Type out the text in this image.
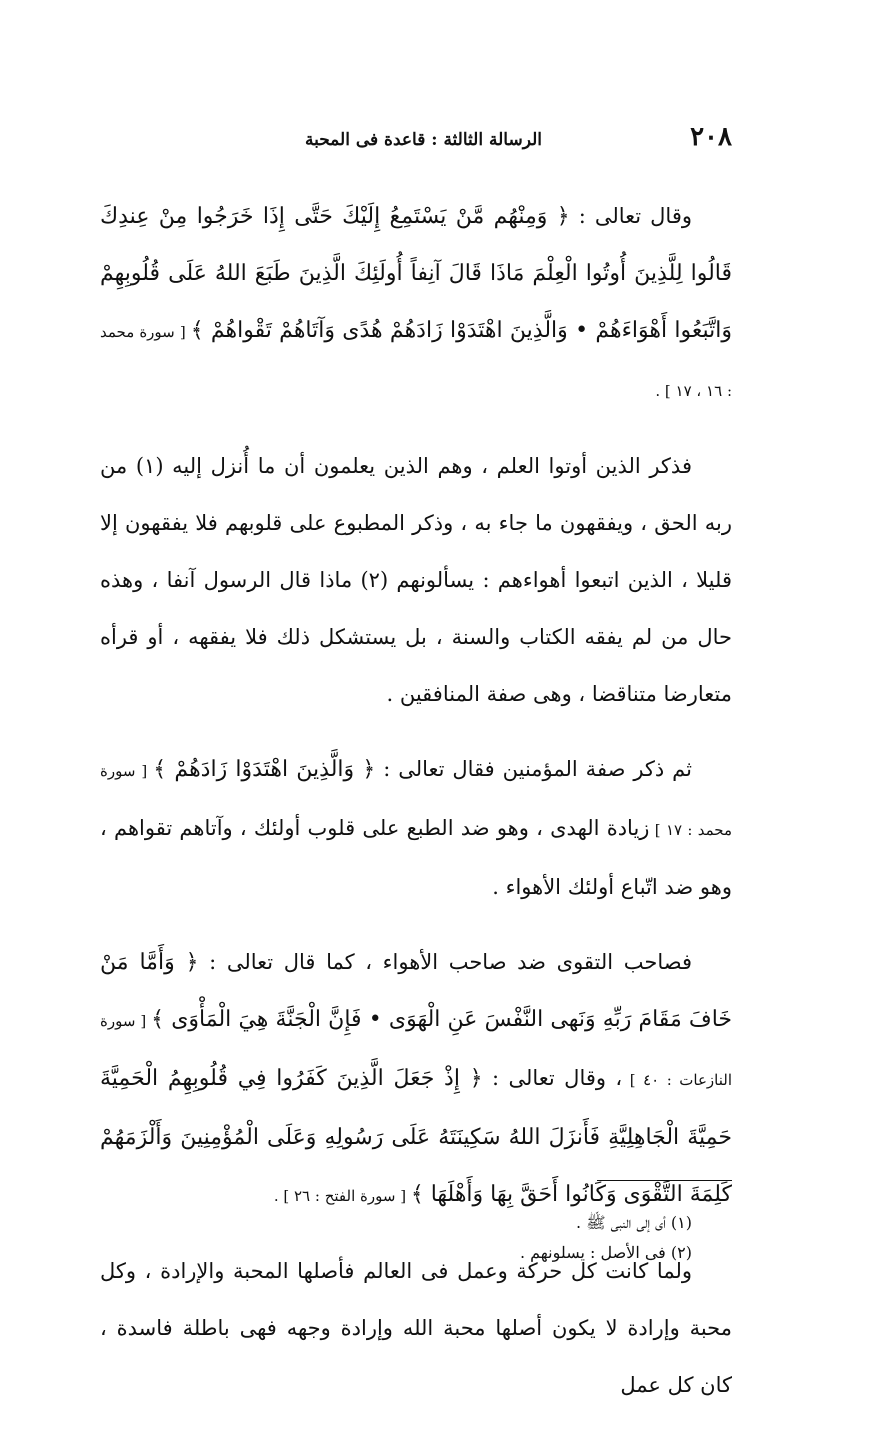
٢٠٨
الرسالة الثالثة : قاعدة فى المحبة

وقال تعالى : ﴿ وَمِنْهُم مَّنْ يَسْتَمِعُ إِلَيْكَ حَتَّى إِذَا خَرَجُوا مِنْ عِندِكَ قَالُوا لِلَّذِينَ أُوتُوا الْعِلْمَ مَاذَا قَالَ آنِفاً أُولَئِكَ الَّذِينَ طَبَعَ اللهُ عَلَى قُلُوبِهِمْ وَاتَّبَعُوا أَهْوَاءَهُمْ • وَالَّذِينَ اهْتَدَوْا زَادَهُمْ هُدًى وَآتَاهُمْ تَقْواهُمْ ﴾ [ سورة محمد : ١٦ ، ١٧ ] .

فذكر الذين أوتوا العلم ، وهم الذين يعلمون أن ما أُنزل إليه (١) من ربه الحق ، ويفقهون ما جاء به ، وذكر المطبوع على قلوبهم فلا يفقهون إلا قليلا ، الذين اتبعوا أهواءهم : يسألونهم (٢) ماذا قال الرسول آنفا ، وهذه حال من لم يفقه الكتاب والسنة ، بل يستشكل ذلك فلا يفقهه ، أو قرأه متعارضا متناقضا ، وهى صفة المنافقين .

ثم ذكر صفة المؤمنين فقال تعالى : ﴿ وَالَّذِينَ اهْتَدَوْا زَادَهُمْ ﴾ [ سورة محمد : ١٧ ] زيادة الهدى ، وهو ضد الطبع على قلوب أولئك ، وآتاهم تقواهم ، وهو ضد اتّباع أولئك الأهواء .

فصاحب التقوى ضد صاحب الأهواء ، كما قال تعالى : ﴿ وَأَمَّا مَنْ خَافَ مَقَامَ رَبِّهِ وَنَهى النَّفْسَ عَنِ الْهَوَى • فَإِنَّ الْجَنَّةَ هِيَ الْمَأْوَى ﴾ [ سورة النازعات : ٤٠ ] ، وقال تعالى : ﴿ إِذْ جَعَلَ الَّذِينَ كَفَرُوا فِي قُلُوبِهِمُ الْحَمِيَّةَ حَمِيَّةَ الْجَاهِلِيَّةِ فَأَنزَلَ اللهُ سَكِينَتَهُ عَلَى رَسُولِهِ وَعَلَى الْمُؤْمِنِينَ وَأَلْزَمَهُمْ كَلِمَةَ التَّقْوَى وَكَانُوا أَحَقَّ بِهَا وَأَهْلَهَا ﴾ [ سورة الفتح : ٢٦ ] .

ولما كانت كل حركة وعمل فى العالم فأصلها المحبة والإرادة ، وكل محبة وإرادة لا يكون أصلها محبة الله وإرادة وجهه فهى باطلة فاسدة ، كان كل عمل

(١) أى إلى النبى ﷺ .
(٢) فى الأصل : يسلونهم .
